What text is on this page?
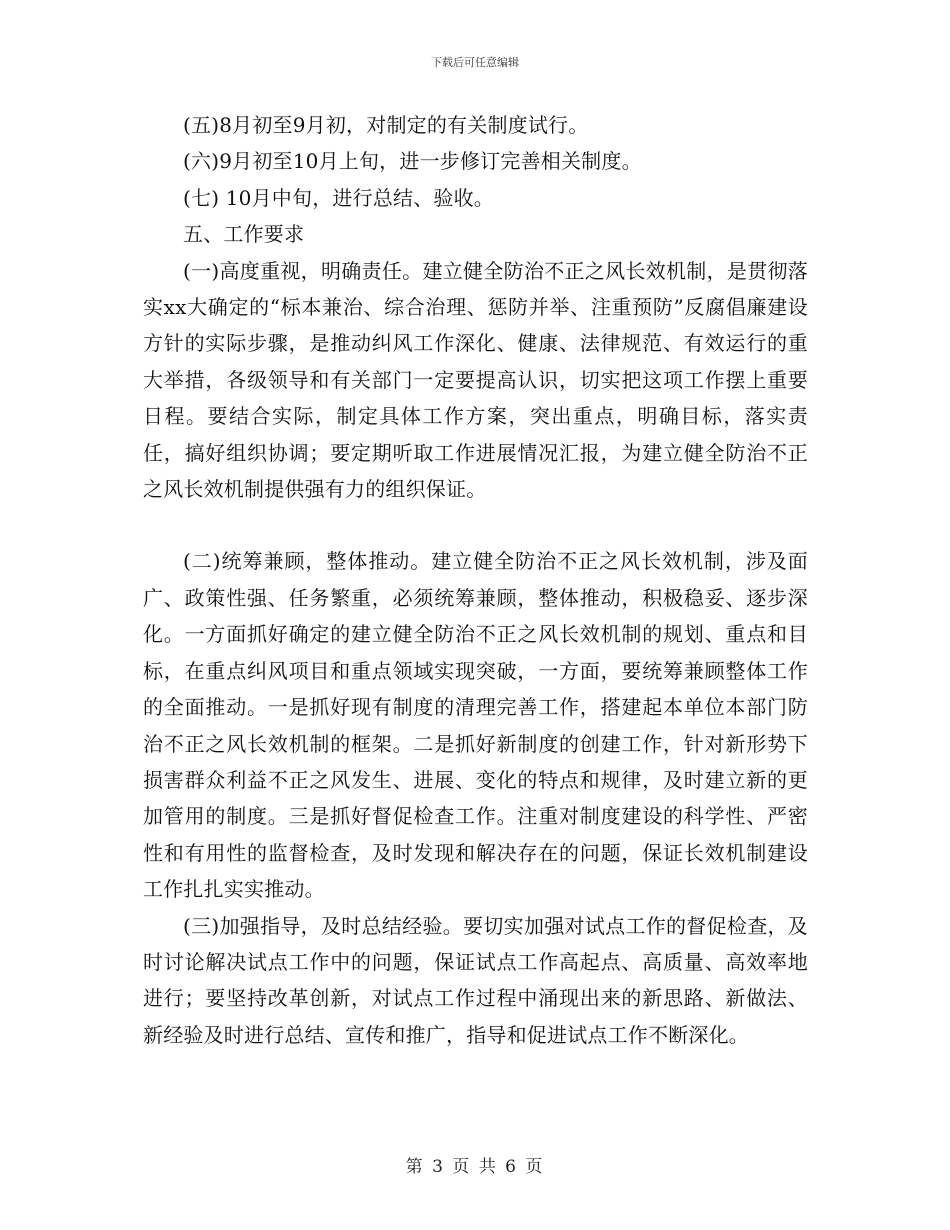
下载后可任意编辑

(五)8月初至9月初，对制定的有关制度试行。

(六)9月初至10月上旬，进一步修订完善相关制度。

(七) 10月中旬，进行总结、验收。

五、工作要求

(一)高度重视，明确责任。建立健全防治不正之风长效机制，是贯彻落实xx大确定的“标本兼治、综合治理、惩防并举、注重预防”反腐倡廉建设方针的实际步骤，是推动纠风工作深化、健康、法律规范、有效运行的重大举措，各级领导和有关部门一定要提高认识，切实把这项工作摆上重要日程。要结合实际，制定具体工作方案，突出重点，明确目标，落实责任，搞好组织协调；要定期听取工作进展情况汇报，为建立健全防治不正之风长效机制提供强有力的组织保证。

(二)统筹兼顾，整体推动。建立健全防治不正之风长效机制，涉及面广、政策性强、任务繁重，必须统筹兼顾，整体推动，积极稳妥、逐步深化。一方面抓好确定的建立健全防治不正之风长效机制的规划、重点和目标，在重点纠风项目和重点领域实现突破，一方面，要统筹兼顾整体工作的全面推动。一是抓好现有制度的清理完善工作，搭建起本单位本部门防治不正之风长效机制的框架。二是抓好新制度的创建工作，针对新形势下损害群众利益不正之风发生、进展、变化的特点和规律，及时建立新的更加管用的制度。三是抓好督促检查工作。注重对制度建设的科学性、严密性和有用性的监督检查，及时发现和解决存在的问题，保证长效机制建设工作扎扎实实推动。

(三)加强指导，及时总结经验。要切实加强对试点工作的督促检查，及时讨论解决试点工作中的问题，保证试点工作高起点、高质量、高效率地进行；要坚持改革创新，对试点工作过程中涌现出来的新思路、新做法、新经验及时进行总结、宣传和推广，指导和促进试点工作不断深化。

第 3 页 共 6 页
